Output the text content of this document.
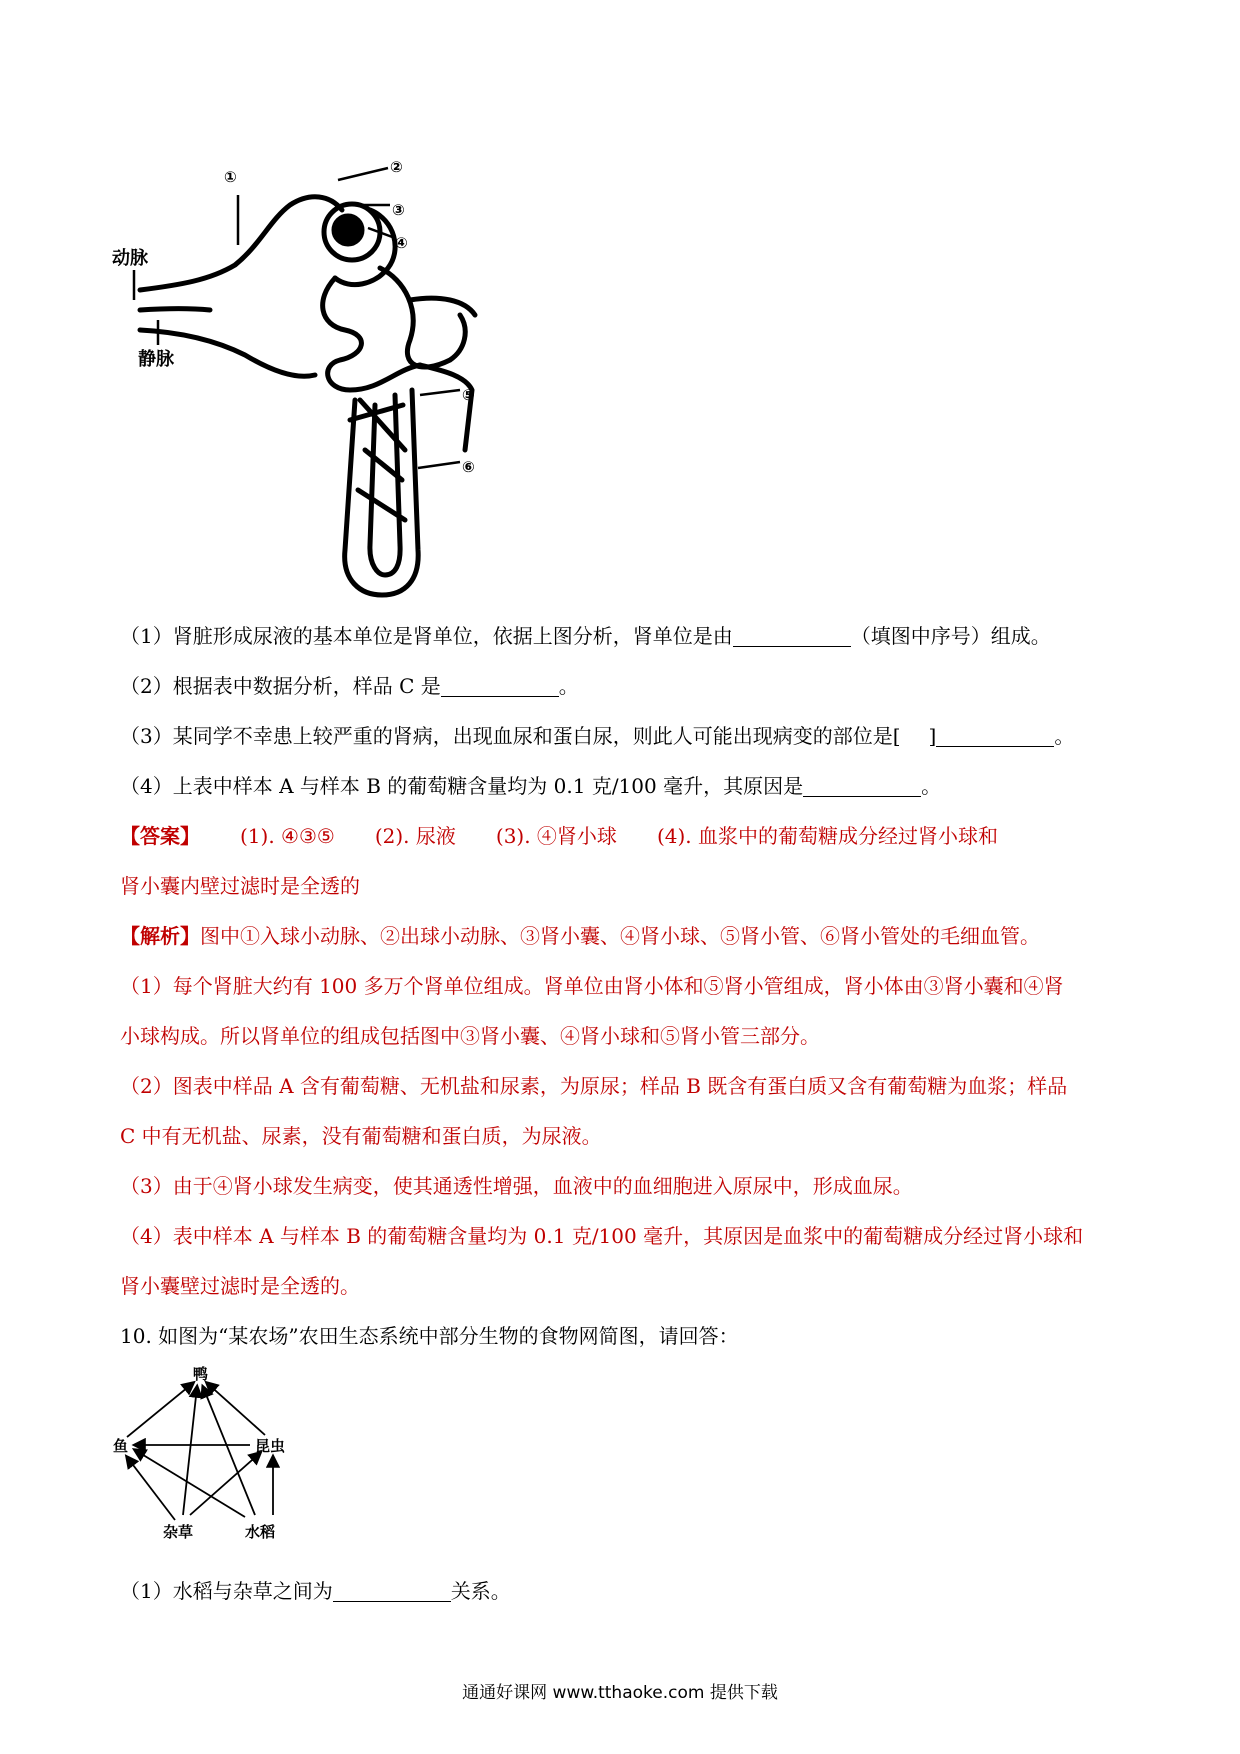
①
②
③
④
⑤
⑥
动脉
静脉
（1）肾脏形成尿液的基本单位是肾单位，依据上图分析，肾单位是由	（填图中序号）组成。
（2）根据表中数据分析，样品 C 是	。
（3）某同学不幸患上较严重的肾病，出现血尿和蛋白尿，则此人可能出现病变的部位是[ ]	。
（4）上表中样本 A 与样本 B 的葡萄糖含量均为 0.1 克/100 毫升，其原因是	。
【答案】 (1). ④③⑤ (2). 尿液 (3). ④肾小球 (4). 血浆中的葡萄糖成分经过肾小球和
肾小囊内壁过滤时是全透的
【解析】图中①入球小动脉、②出球小动脉、③肾小囊、④肾小球、⑤肾小管、⑥肾小管处的毛细血管。
（1）每个肾脏大约有 100 多万个肾单位组成。肾单位由肾小体和⑤肾小管组成，肾小体由③肾小囊和④肾
小球构成。所以肾单位的组成包括图中③肾小囊、④肾小球和⑤肾小管三部分。
（2）图表中样品 A 含有葡萄糖、无机盐和尿素，为原尿；样品 B 既含有蛋白质又含有葡萄糖为血浆；样品
C 中有无机盐、尿素，没有葡萄糖和蛋白质，为尿液。
（3）由于④肾小球发生病变，使其通透性增强，血液中的血细胞进入原尿中，形成血尿。
（4）表中样本 A 与样本 B 的葡萄糖含量均为 0.1 克/100 毫升，其原因是血浆中的葡萄糖成分经过肾小球和
肾小囊壁过滤时是全透的。
10. 如图为“某农场”农田生态系统中部分生物的食物网简图，请回答：
鸭
鱼	昆虫
杂草	水稻
（1）水稻与杂草之间为	关系。
通通好课网 www.tthaoke.com 提供下载
